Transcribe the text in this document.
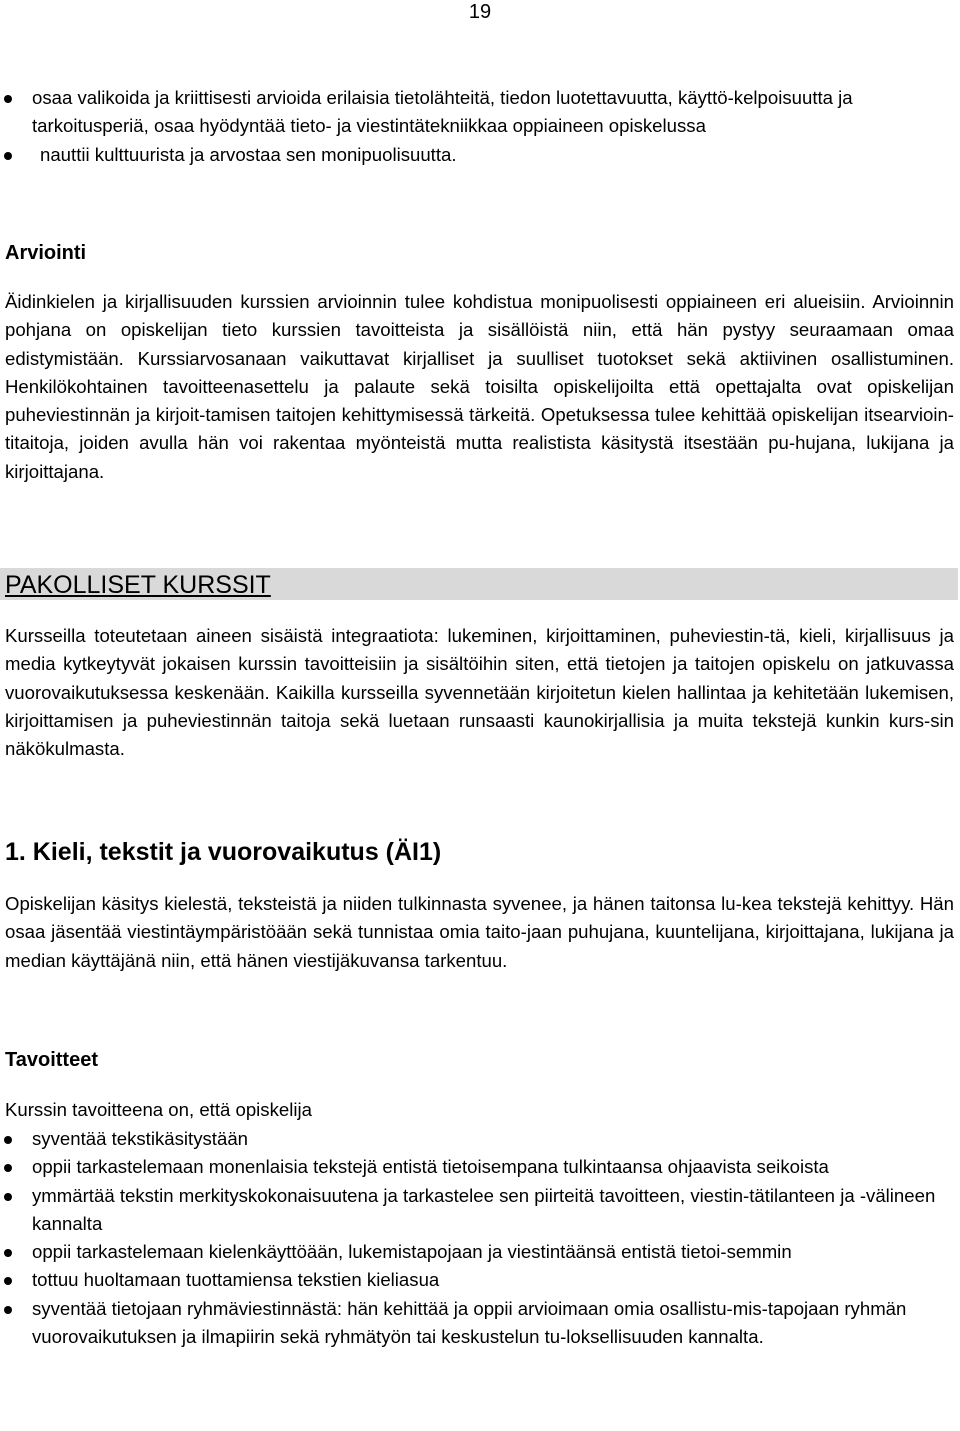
19
osaa valikoida ja kriittisesti arvioida erilaisia tietolähteitä, tiedon luotettavuutta, käyttö-kelpoisuutta ja tarkoitusperiä, osaa hyödyntää tieto- ja viestintätekniikkaa oppiaineen opiskelussa
nauttii kulttuurista ja arvostaa sen monipuolisuutta.
Arviointi

Äidinkielen ja kirjallisuuden kurssien arvioinnin tulee kohdistua monipuolisesti oppiaineen eri alueisiin. Arvioinnin pohjana on opiskelijan tieto kurssien tavoitteista ja sisällöistä niin, että hän pystyy seuraamaan omaa edistymistään. Kurssiarvosanaan vaikuttavat kirjalliset ja suulliset tuotokset sekä aktiivinen osallistuminen. Henkilökohtainen tavoitteenasettelu ja palaute sekä toisilta opiskelijoilta että opettajalta ovat opiskelijan puheviestinnän ja kirjoit-tamisen taitojen kehittymisessä tärkeitä. Opetuksessa tulee kehittää opiskelijan itsearvioin-titaitoja, joiden avulla hän voi rakentaa myönteistä mutta realistista käsitystä itsestään pu-hujana, lukijana ja kirjoittajana.

PAKOLLISET KURSSIT

Kursseilla toteutetaan aineen sisäistä integraatiota: lukeminen, kirjoittaminen, puheviestin-tä, kieli, kirjallisuus ja media kytkeytyvät jokaisen kurssin tavoitteisiin ja sisältöihin siten, että tietojen ja taitojen opiskelu on jatkuvassa vuorovaikutuksessa keskenään. Kaikilla kursseilla syvennetään kirjoitetun kielen hallintaa ja kehitetään lukemisen, kirjoittamisen ja puheviestinnän taitoja sekä luetaan runsaasti kaunokirjallisia ja muita tekstejä kunkin kurs-sin näkökulmasta.

1. Kieli, tekstit ja vuorovaikutus (ÄI1)

Opiskelijan käsitys kielestä, teksteistä ja niiden tulkinnasta syvenee, ja hänen taitonsa lu-kea tekstejä kehittyy. Hän osaa jäsentää viestintäympäristöään sekä tunnistaa omia taito-jaan puhujana, kuuntelijana, kirjoittajana, lukijana ja median käyttäjänä niin, että hänen viestijäkuvansa tarkentuu.

Tavoitteet

Kurssin tavoitteena on, että opiskelija

syventää tekstikäsitystään
oppii tarkastelemaan monenlaisia tekstejä entistä tietoisempana tulkintaansa ohjaavista seikoista
ymmärtää tekstin merkityskokonaisuutena ja tarkastelee sen piirteitä tavoitteen, viestin-tätilanteen ja -välineen kannalta
oppii tarkastelemaan kielenkäyttöään, lukemistapojaan ja viestintäänsä entistä tietoi-semmin
tottuu huoltamaan tuottamiensa tekstien kieliasua
syventää tietojaan ryhmäviestinnästä: hän kehittää ja oppii arvioimaan omia osallistu-mis-tapojaan ryhmän vuorovaikutuksen ja ilmapiirin sekä ryhmätyön tai keskustelun tu-loksellisuuden kannalta.
